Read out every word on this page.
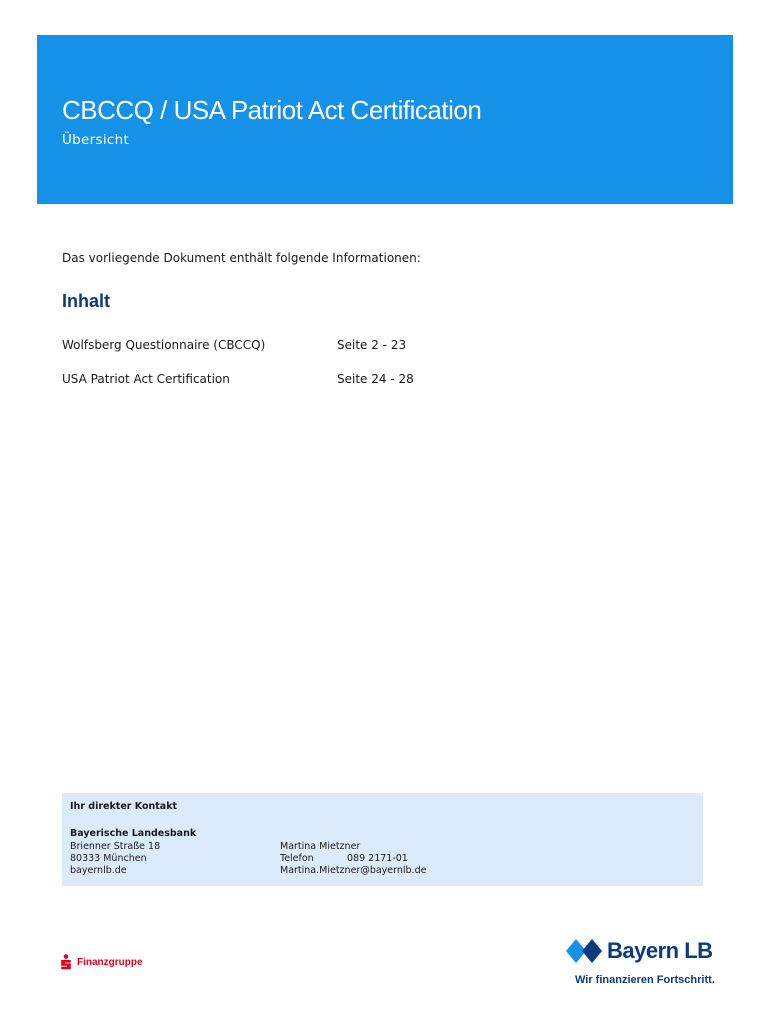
CBCCQ / USA Patriot Act Certification
Übersicht
Das vorliegende Dokument enthält folgende Informationen:
Inhalt
Wolfsberg Questionnaire (CBCCQ)	Seite 2 - 23
USA Patriot Act Certification	Seite 24 - 28
Ihr direkter Kontakt
Bayerische Landesbank
Brienner Straße 18
80333 München
bayernlb.de
Martina Mietzner
Telefon	089 2171-01
Martina.Mietzner@bayernlb.de
Finanzgruppe	Bayern LB
Wir finanzieren Fortschritt.
